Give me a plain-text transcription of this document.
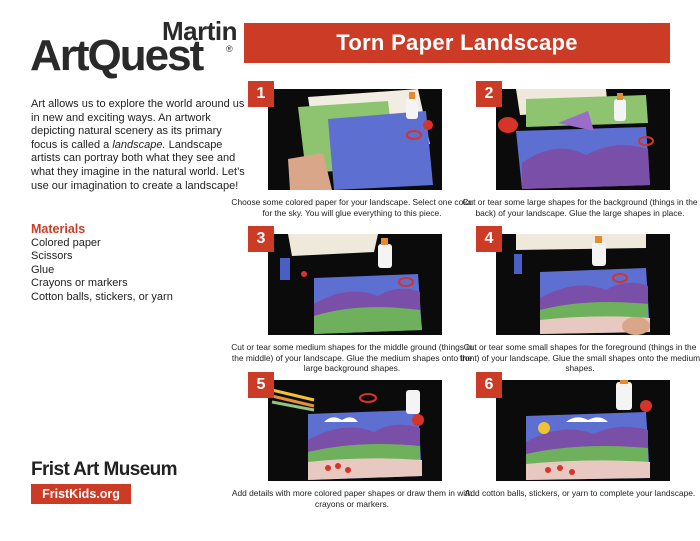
Martin
ArtQuest	®	Torn Paper Landscape

Art allows us to explore the world around us in new and exciting ways. An artwork depicting natural scenery as its primary focus is called a landscape. Landscape artists can portray both what they see and what they imagine in the natural world. Let’s use our imagination to create a landscape!

Materials
Colored paper
Scissors
Glue
Crayons or markers
Cotton balls, stickers, or yarn
Frist Art Museum
FristKids.org
1

Choose some colored paper for your landscape. Select one color for the sky. You will glue everything to this piece.

2

Cut or tear some large shapes for the background (things in the back) of your landscape. Glue the large shapes in place.

3

Cut or tear some medium shapes for the middle ground (things in the middle) of your landscape. Glue the medium shapes onto the large background shapes.

4

Cut or tear some small shapes for the foreground (things in the front) of your landscape. Glue the small shapes onto the medium shapes.

5

Add details with more colored paper shapes or draw them in with crayons or markers.

6

Add cotton balls, stickers, or yarn to complete your landscape.
